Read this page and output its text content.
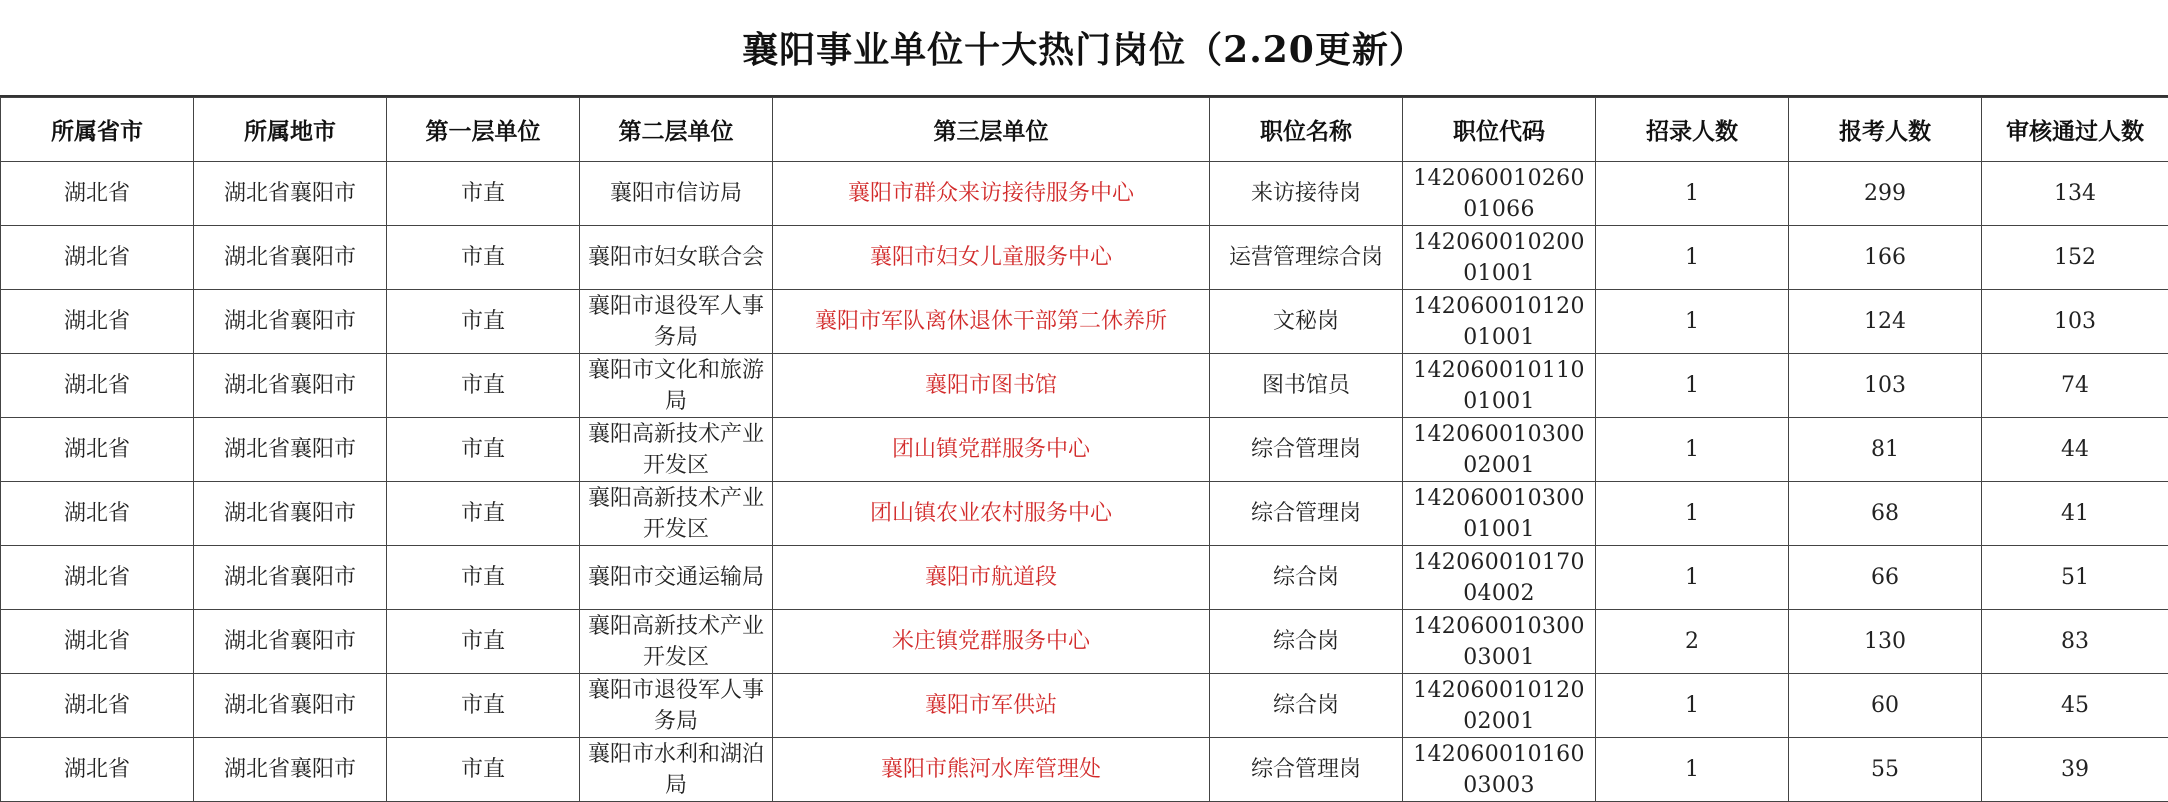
襄阳事业单位十大热门岗位（2.20更新）
所属省市	所属地市	第一层单位	第二层单位	第三层单位	职位名称	职位代码	招录人数	报考人数	审核通过人数
湖北省	湖北省襄阳市	市直	襄阳市信访局	襄阳市群众来访接待服务中心	来访接待岗	14206001026001066	1	299	134
湖北省	湖北省襄阳市	市直	襄阳市妇女联合会	襄阳市妇女儿童服务中心	运营管理综合岗	14206001020001001	1	166	152
湖北省	湖北省襄阳市	市直	襄阳市退役军人事务局	襄阳市军队离休退休干部第二休养所	文秘岗	14206001012001001	1	124	103
湖北省	湖北省襄阳市	市直	襄阳市文化和旅游局	襄阳市图书馆	图书馆员	14206001011001001	1	103	74
湖北省	湖北省襄阳市	市直	襄阳高新技术产业开发区	团山镇党群服务中心	综合管理岗	14206001030002001	1	81	44
湖北省	湖北省襄阳市	市直	襄阳高新技术产业开发区	团山镇农业农村服务中心	综合管理岗	14206001030001001	1	68	41
湖北省	湖北省襄阳市	市直	襄阳市交通运输局	襄阳市航道段	综合岗	14206001017004002	1	66	51
湖北省	湖北省襄阳市	市直	襄阳高新技术产业开发区	米庄镇党群服务中心	综合岗	14206001030003001	2	130	83
湖北省	湖北省襄阳市	市直	襄阳市退役军人事务局	襄阳市军供站	综合岗	14206001012002001	1	60	45
湖北省	湖北省襄阳市	市直	襄阳市水利和湖泊局	襄阳市熊河水库管理处	综合管理岗	14206001016003003	1	55	39
